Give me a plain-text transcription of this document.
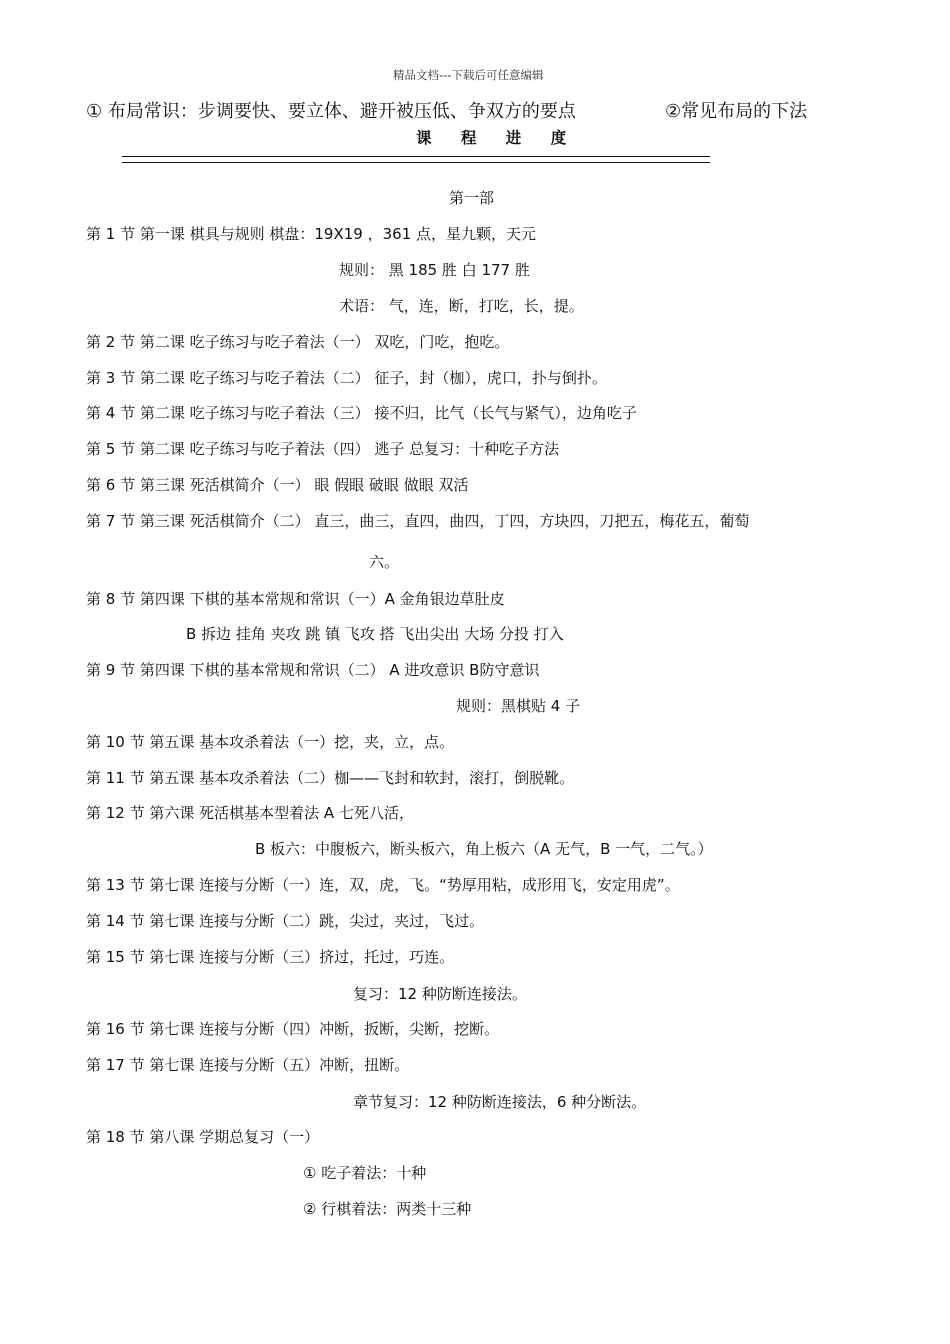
精品文档---下载后可任意编辑
① 布局常识：步调要快、要立体、避开被压低、争双方的要点	②常见布局的下法
课 程 进 度
第一部
第 1 节 第一课 棋具与规则 棋盘：19X19 ，361 点，星九颗，天元
规则： 黑 185 胜 白 177 胜
术语： 气，连，断，打吃，长，提。
第 2 节 第二课 吃子练习与吃子着法（一） 双吃，门吃，抱吃。
第 3 节 第二课 吃子练习与吃子着法（二） 征子，封（枷），虎口，扑与倒扑。
第 4 节 第二课 吃子练习与吃子着法（三） 接不归，比气（长气与紧气），边角吃子
第 5 节 第二课 吃子练习与吃子着法（四） 逃子 总复习：十种吃子方法
第 6 节 第三课 死活棋简介（一） 眼 假眼 破眼 做眼 双活
第 7 节 第三课 死活棋简介（二） 直三，曲三，直四，曲四，丁四，方块四，刀把五，梅花五，葡萄
六。
第 8 节 第四课 下棋的基本常规和常识（一）A 金角银边草肚皮
B 拆边 挂角 夹攻 跳 镇 飞攻 搭 飞出尖出 大场 分投 打入
第 9 节 第四课 下棋的基本常规和常识（二） A 进攻意识 B防守意识
规则：黑棋贴 4 子
第 10 节 第五课 基本攻杀着法（一）挖，夹，立，点。
第 11 节 第五课 基本攻杀着法（二）枷——飞封和软封，滚打，倒脱靴。
第 12 节 第六课 死活棋基本型着法 A 七死八活，
B 板六：中腹板六，断头板六，角上板六（A 无气，B 一气，二气。）
第 13 节 第七课 连接与分断（一）连，双，虎，飞。“势厚用粘，成形用飞，安定用虎”。
第 14 节 第七课 连接与分断（二）跳，尖过，夹过，飞过。
第 15 节 第七课 连接与分断（三）挤过，托过，巧连。
复习：12 种防断连接法。
第 16 节 第七课 连接与分断（四）冲断，扳断，尖断，挖断。
第 17 节 第七课 连接与分断（五）冲断，扭断。
章节复习：12 种防断连接法，6 种分断法。
第 18 节 第八课 学期总复习（一）
① 吃子着法：十种
② 行棋着法：两类十三种
